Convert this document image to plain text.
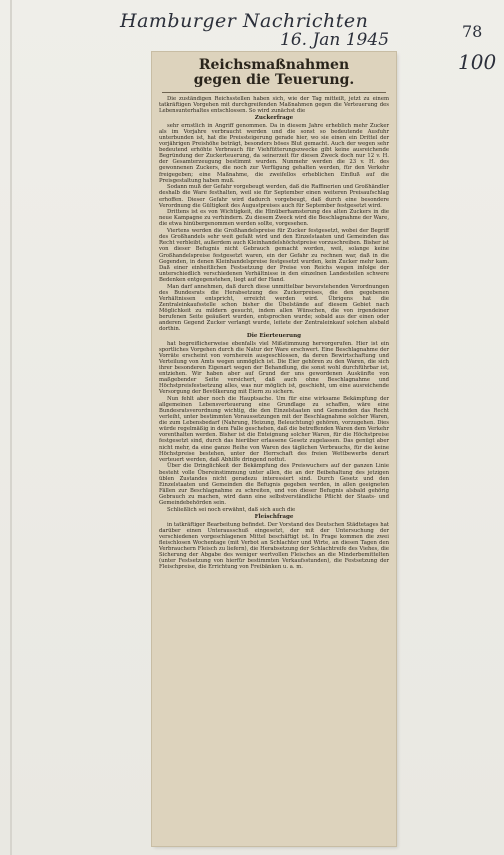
Hamburger Nachrichten
16. Jan 1945	78
100
Reichsmaßnahmen
gegen die Teuerung.

Die zuständigen Reichsstellen haben sich, wie der Tag mitteilt, jetzt zu einem tatkräftigen Vorgehen mit durchgreifenden Maßnahmen gegen die Verteuerung des Lebensunterhaltes entschlossen. So wird zunächst die

Zuckerfrage

sehr ernstlich in Angriff genommen. Da in diesem Jahre erheblich mehr Zucker als im Vorjahre verbraucht werden und die sonst so bedeutende Ausfuhr unterbunden ist, hat die Preissteigerung gerade hier, wo sie einen ein Drittel der vorjährigen Preishöhe beträgt, besonders böses Blut gemacht. Auch der wegen sehr bedeutend erhöhte Verbrauch für Viehfütterungszwecke gibt keine ausreichende Begründung der Zuckerteuerung, da seinerzeit für diesen Zweck doch nur 12 v. H. der Gesamterzeugung bestimmt wurden. Nunmehr werden die 23 v. H. des gewonnenen Zuckers, die noch zur Verfügung gehalten werden, für den Verkehr freigegeben; eine Maßnahme, die zweifellos erheblichen Einfluß auf die Preisgestaltung haben muß.

Sodann muß der Gefahr vorgebeugt werden, daß die Raffinerien und Großhändler deshalb die Ware festhalten, weil sie für September einen weiteren Preisaufschlag erhoffen. Dieser Gefahr wird dadurch vorgebeugt, daß durch eine besondere Verordnung die Gültigkeit des Augustpreises auch für September festgesetzt wird.

Drittens ist es von Wichtigkeit, die Hinüberhamsterung des alten Zuckers in die neue Kampagne zu verhindern. Zu diesem Zweck wird die Beschlagnahme der Ware, die etwa hinübergenommen werden sollte, vorgesehen.

Viertens werden die Großhandelspreise für Zucker festgesetzt, wobei der Begriff des Großhandels sehr weit gefaßt wird und den Einzelstaaten und Gemeinden das Recht verbleibt, außerdem auch Kleinhandelshöchstpreise vorzuschreiben. Bisher ist von dieser Befugnis nicht Gebrauch gemacht worden, weil, solange keine Großhandelspreise festgesetzt waren, ein der Gefahr zu rechnen war, daß in die Gegenden, in denen Kleinhandelspreise festgesetzt wurden, kein Zucker mehr kam. Daß einer einheitlichen Festsetzung der Preise von Reichs wegen infolge der unterschiedlich verschiedenen Verhältnisse in den einzelnen Landesteilen schwere Bedenken entgegenstehen, liegt auf der Hand.

Man darf annehmen, daß durch diese unmittelbar bevorstehenden Verordnungen des Bundesrats die Herabsetzung des Zuckerpreises, die den gegebenen Verhältnissen entspricht, erreicht werden wird. Übrigens hat die Zentraleinkaufsstelle schon bisher die Übelstände auf diesem Gebiet nach Möglichkeit zu mildern gesucht, indem allen Wünschen, die von irgendeiner berufenen Seite geäußert wurden, entsprochen wurde; sobald aus der einen oder anderen Gegend Zucker verlangt wurde, leitete der Zentraleinkauf solchen alsbald dorthin.

Die Eierteuerung

hat begreiflicherweise ebenfalls viel Mißstimmung hervorgerufen. Hier ist ein sportliches Vorgehen durch die Natur der Ware erschwert. Eine Beschlagnahme der Vorräte erscheint von vornherein ausgeschlossen, da deren Bewirtschaftung und Verteilung von Amts wegen unmöglich ist. Die Eier gehören zu den Waren, die sich ihrer besonderen Eigenart wegen der Behandlung, die sonst wohl durchführbar ist, entziehen. Wir haben aber auf Grund der uns gewordenen Auskünfte von maßgebender Seite versichert, daß auch ohne Beschlagnahme und Höchstpreisfestsetzung alles, was nur möglich ist, geschieht, um eine ausreichende Versorgung der Bevölkerung mit Eiern zu sichern.

Nun fehlt aber noch die Hauptsache. Um für eine wirksame Bekämpfung der allgemeinen Lebensverteuerung eine Grundlage zu schaffen, wäre eine Bundesratsverordnung wichtig, die den Einzelstaaten und Gemeinden das Recht verleiht, unter bestimmten Voraussetzungen mit der Beschlagnahme solcher Waren, die zum Lebensbedarf (Nahrung, Heizung, Beleuchtung) gehören, vorzugehen. Dies würde regelmäßig in dem Falle geschehen, daß die betreffenden Waren dem Verkehr vorenthalten werden. Bisher ist die Enteignung solcher Waren, für die Höchstpreise festgesetzt sind, durch das hierüber erlassene Gesetz zugelassen. Das genügt aber nicht mehr, da eine ganze Reihe von Waren des täglichen Verbrauchs, für die keine Höchstpreise bestehen, unter der Herrschaft des freien Wettbewerbs derart verteuert werden, daß Abhilfe dringend nottut.

Über die Dringlichkeit der Bekämpfung des Preiswuchers auf der ganzen Linie besteht volle Übereinstimmung unter allen, die an der Beibehaltung des jetzigen üblen Zustandes nicht geradezu interessiert sind. Durch Gesetz und den Einzelstaaten und Gemeinden die Befugnis gegeben werden, in allen geeigneten Fällen zur Beschlagnahme zu schreiten, und von dieser Befugnis alsbald gehörig Gebrauch zu machen, wird dann eine selbstverständliche Pflicht der Staats- und Gemeindebehörden sein.

Schließlich sei noch erwähnt, daß sich auch die

Fleischfrage

in tatkräftiger Bearbeitung befindet. Der Vorstand des Deutschen Städtetages hat darüber einen Unterausschuß eingesetzt, der mit der Untersuchung der verschiedenen vorgeschlagenen Mittel beschäftigt ist. In Frage kommen die zwei fleischlosen Wochentage (mit Verbot an Schlachter und Wirte, an diesen Tagen den Verbrauchern Fleisch zu liefern), die Herabsetzung der Schlachtreife des Viehes, die Sicherung der Abgabe des weniger wertvollen Fleisches an die Minderbemittelten (unter Festsetzung von hierfür bestimmten Verkaufsstunden), die Festsetzung der Fleischpreise, die Errichtung von Freibänken u. a. m.
